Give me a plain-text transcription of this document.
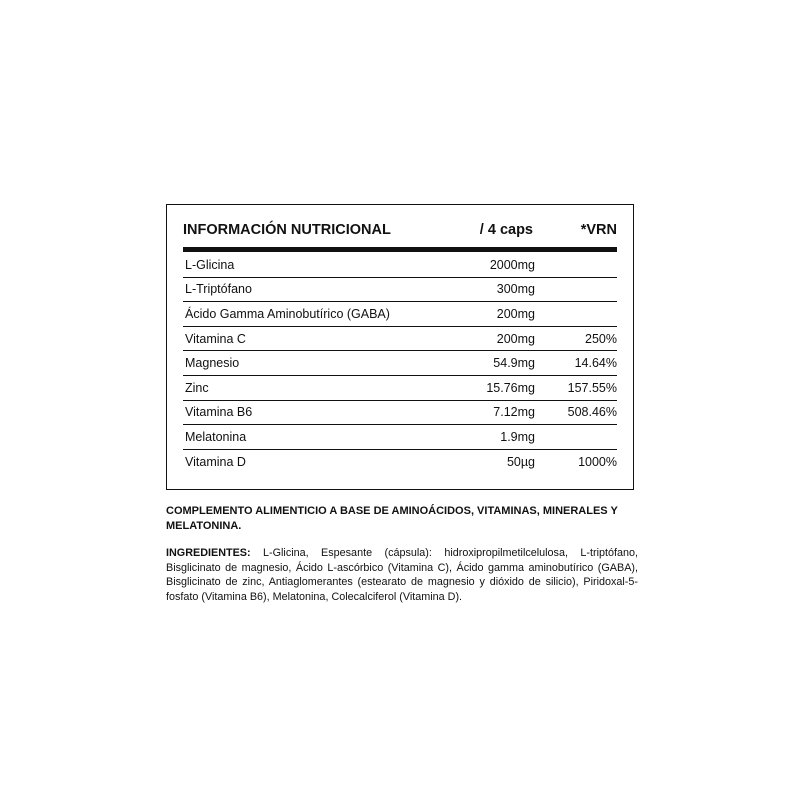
INFORMACIÓN NUTRICIONAL	/ 4 caps	*VRN
L-Glicina	2000mg
L-Triptófano	300mg
Ácido Gamma Aminobutírico (GABA)	200mg
Vitamina C	200mg	250%
Magnesio	54.9mg	14.64%
Zinc	15.76mg	157.55%
Vitamina B6	7.12mg	508.46%
Melatonina	1.9mg
Vitamina D	50µg	1000%
COMPLEMENTO ALIMENTICIO A BASE DE AMINOÁCIDOS, VITAMINAS, MINERALES Y MELATONINA.
INGREDIENTES: L-Glicina, Espesante (cápsula): hidroxipropilmetilcelulosa, L-triptófano, Bisglicinato de magnesio, Ácido L-ascórbico (Vitamina C), Ácido gamma aminobutírico (GABA), Bisglicinato de zinc, Antiaglomerantes (estearato de magnesio y dióxido de silicio), Piridoxal-5-fosfato (Vitamina B6), Melatonina, Colecalciferol (Vitamina D).
